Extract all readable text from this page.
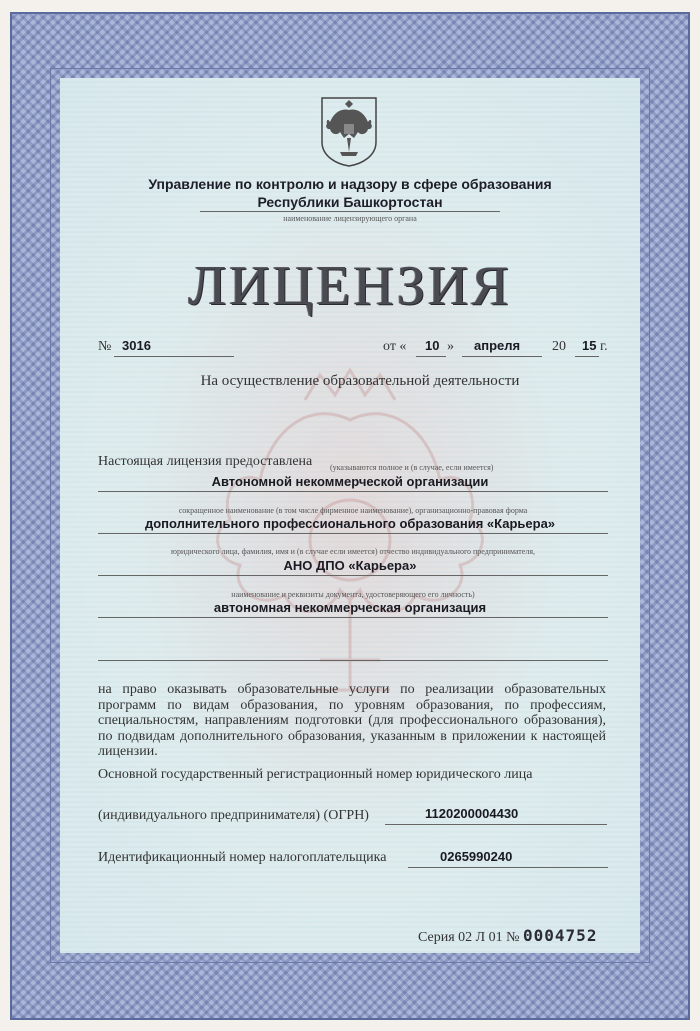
Управление по контролю и надзору в сфере образования
Республики Башкортостан
наименование лицензирующего органа
ЛИЦЕНЗИЯ
№ 3016	от « 10 » апреля 20 15 г.
На осуществление образовательной деятельности
Настоящая лицензия предоставлена (указываются полное и (в случае, если имеется)
Автономной некоммерческой организации
сокращенное наименование (в том числе фирменное наименование), организационно-правовая форма
дополнительного профессионального образования «Карьера»
юридического лица, фамилия, имя и (в случае если имеется) отчество индивидуального предпринимателя,
АНО ДПО «Карьера»
наименование и реквизиты документа, удостоверяющего его личность)
автономная некоммерческая организация
на право оказывать образовательные услуги по реализации образовательных программ по видам образования, по уровням образования, по профессиям, специальностям, направлениям подготовки (для профессионального образования), по подвидам дополнительного образования, указанным в приложении к настоящей лицензии.
Основной государственный регистрационный номер юридического лица
(индивидуального предпринимателя) (ОГРН)	1120200004430
Идентификационный номер налогоплательщика	0265990240
Серия 02 Л 01 № 0004752
